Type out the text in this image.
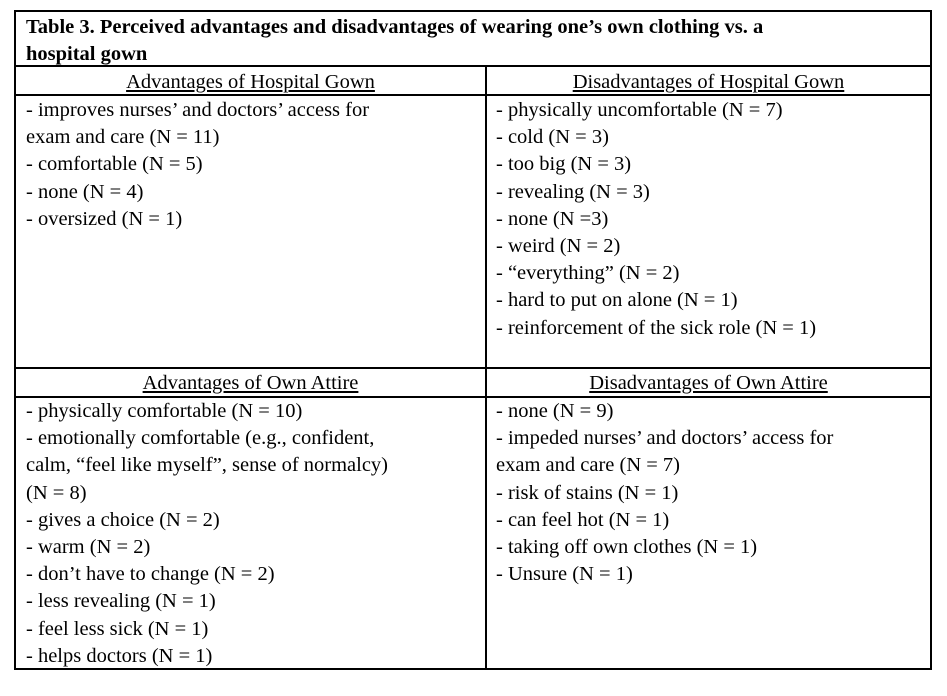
Table 3. Perceived advantages and disadvantages of wearing one’s own clothing vs. a
hospital gown
Advantages of Hospital Gown	Disadvantages of Hospital Gown
- improves nurses’ and doctors’ access for
exam and care (N = 11)
- comfortable (N = 5)
- none (N = 4)
- oversized (N = 1)
- physically uncomfortable (N = 7)
- cold (N = 3)
- too big (N = 3)
- revealing (N = 3)
- none (N =3)
- weird (N = 2)
- “everything” (N = 2)
- hard to put on alone (N = 1)
- reinforcement of the sick role (N = 1)
Advantages of Own Attire	Disadvantages of Own Attire
- physically comfortable (N = 10)
- emotionally comfortable (e.g., confident,
calm, “feel like myself”, sense of normalcy)
(N = 8)
- gives a choice (N = 2)
- warm (N = 2)
- don’t have to change (N = 2)
- less revealing (N = 1)
- feel less sick (N = 1)
- helps doctors (N = 1)
- none (N = 9)
- impeded nurses’ and doctors’ access for
exam and care (N = 7)
- risk of stains (N = 1)
- can feel hot (N = 1)
- taking off own clothes (N = 1)
- Unsure (N = 1)
